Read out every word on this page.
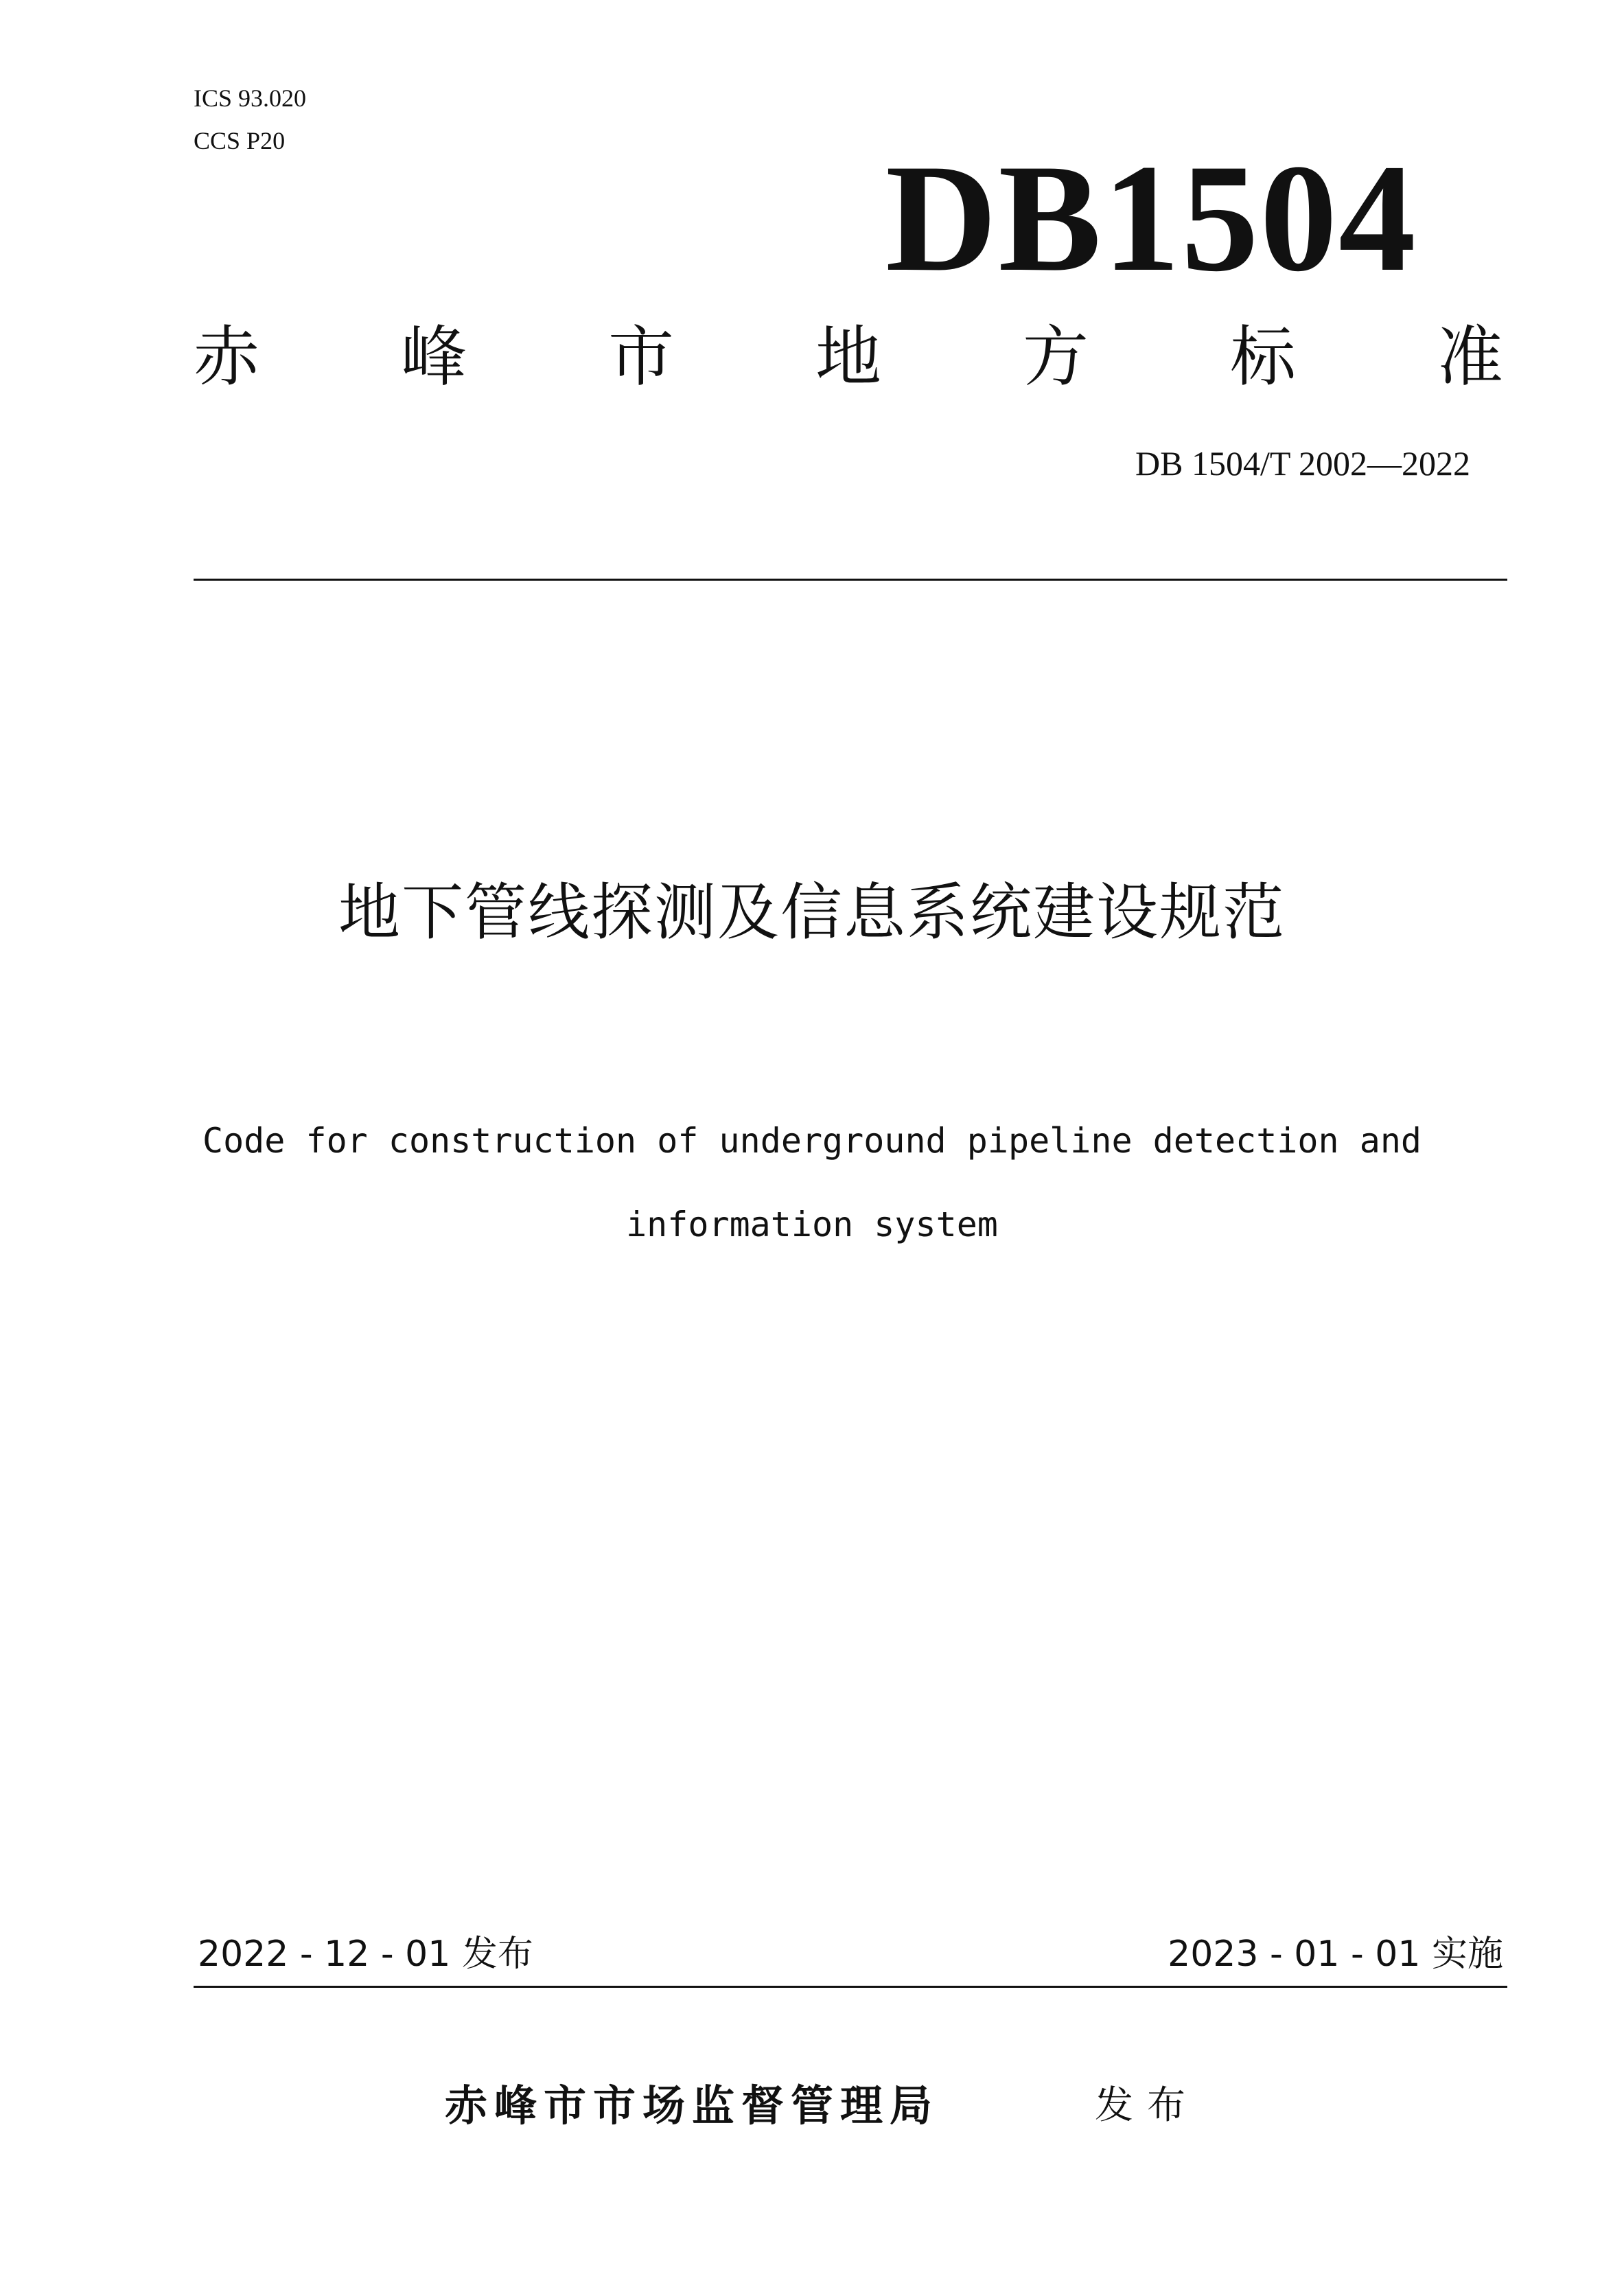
ICS 93.020
CCS P20	DB1504
赤 峰 市 地 方 标 准
DB 1504/T 2002—2022
地下管线探测及信息系统建设规范
Code for construction of underground pipeline detection and
information system
2022 - 12 - 01 发布	2023 - 01 - 01 实施
赤峰市市场监督管理局	发布
